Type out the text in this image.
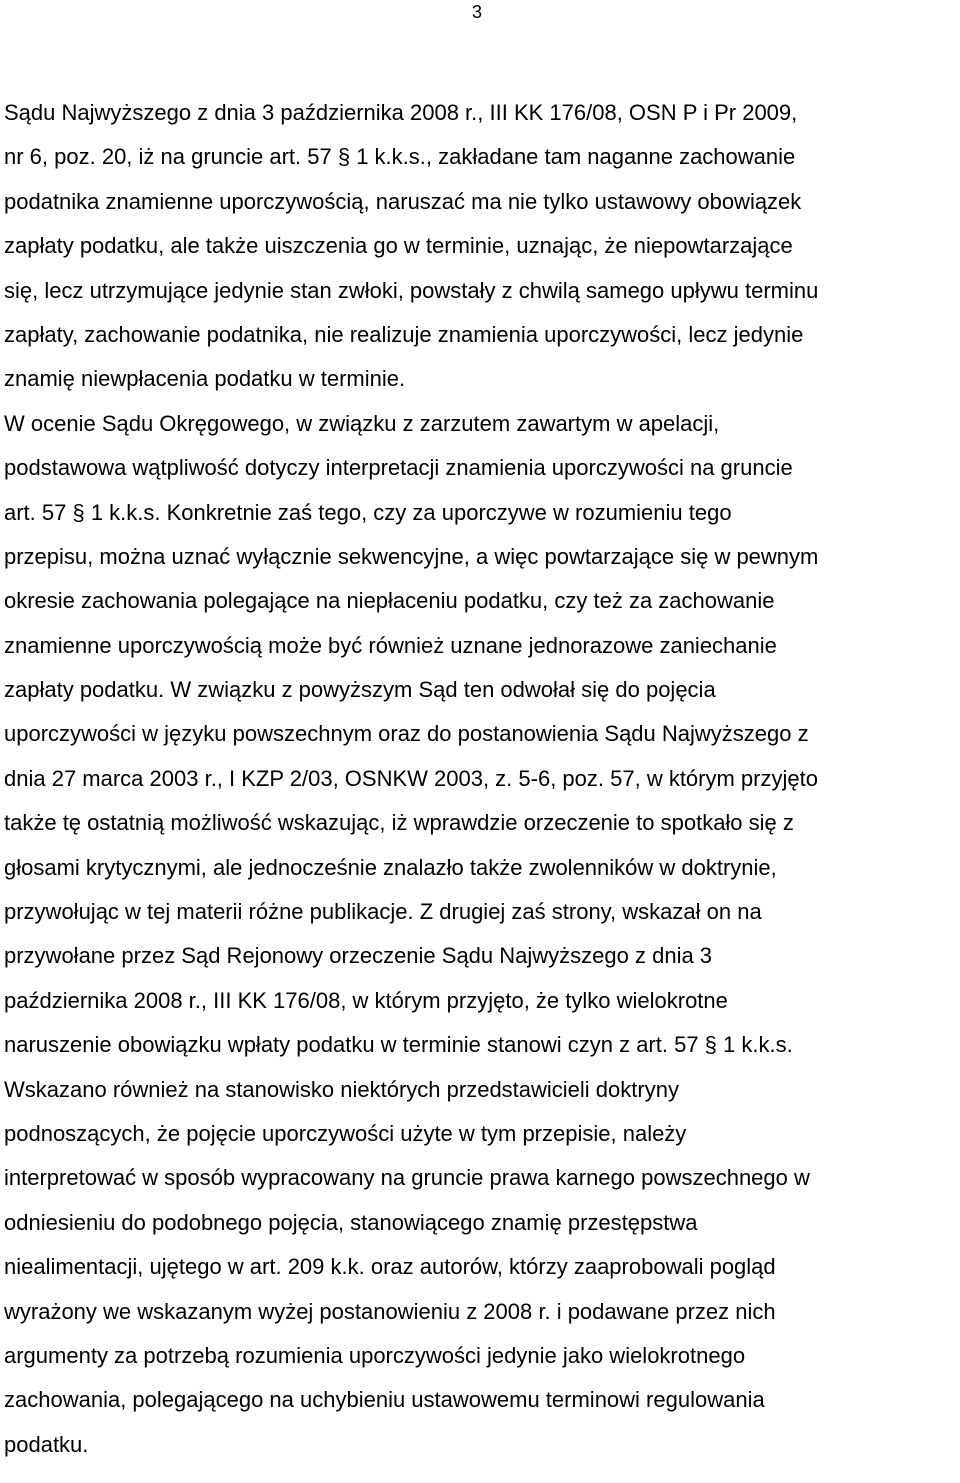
3
Sądu Najwyższego z dnia 3 października 2008 r., III KK 176/08, OSN P i Pr 2009,
nr 6, poz. 20, iż na gruncie art. 57 § 1 k.k.s., zakładane tam naganne zachowanie
podatnika znamienne uporczywością, naruszać ma nie tylko ustawowy obowiązek
zapłaty podatku, ale także uiszczenia go w terminie, uznając, że niepowtarzające
się, lecz utrzymujące jedynie stan zwłoki, powstały z chwilą samego upływu terminu
zapłaty, zachowanie podatnika, nie realizuje znamienia uporczywości, lecz jedynie
znamię niewpłacenia podatku w terminie.
W ocenie Sądu Okręgowego, w związku z zarzutem zawartym w apelacji,
podstawowa wątpliwość dotyczy interpretacji znamienia uporczywości na gruncie
art. 57 § 1 k.k.s. Konkretnie zaś tego, czy za uporczywe w rozumieniu tego
przepisu, można uznać wyłącznie sekwencyjne, a więc powtarzające się w pewnym
okresie zachowania polegające na niepłaceniu podatku, czy też za zachowanie
znamienne uporczywością może być również uznane jednorazowe zaniechanie
zapłaty podatku. W związku z powyższym Sąd ten odwołał się do pojęcia
uporczywości w języku powszechnym oraz do postanowienia Sądu Najwyższego z
dnia 27 marca 2003 r., I KZP 2/03, OSNKW 2003, z. 5-6, poz. 57, w którym przyjęto
także tę ostatnią możliwość wskazując, iż wprawdzie orzeczenie to spotkało się z
głosami krytycznymi, ale jednocześnie znalazło także zwolenników w doktrynie,
przywołując w tej materii różne publikacje. Z drugiej zaś strony, wskazał on na
przywołane przez Sąd Rejonowy orzeczenie Sądu Najwyższego z dnia 3
października 2008 r., III KK 176/08, w którym przyjęto, że tylko wielokrotne
naruszenie obowiązku wpłaty podatku w terminie stanowi czyn z art. 57 § 1 k.k.s.
Wskazano również na stanowisko niektórych przedstawicieli doktryny
podnoszących, że pojęcie uporczywości użyte w tym przepisie, należy
interpretować w sposób wypracowany na gruncie prawa karnego powszechnego w
odniesieniu do podobnego pojęcia, stanowiącego znamię przestępstwa
niealimentacji, ujętego w art. 209 k.k. oraz autorów, którzy zaaprobowali pogląd
wyrażony we wskazanym wyżej postanowieniu z 2008 r. i podawane przez nich
argumenty za potrzebą rozumienia uporczywości jedynie jako wielokrotnego
zachowania, polegającego na uchybieniu ustawowemu terminowi regulowania
podatku.
